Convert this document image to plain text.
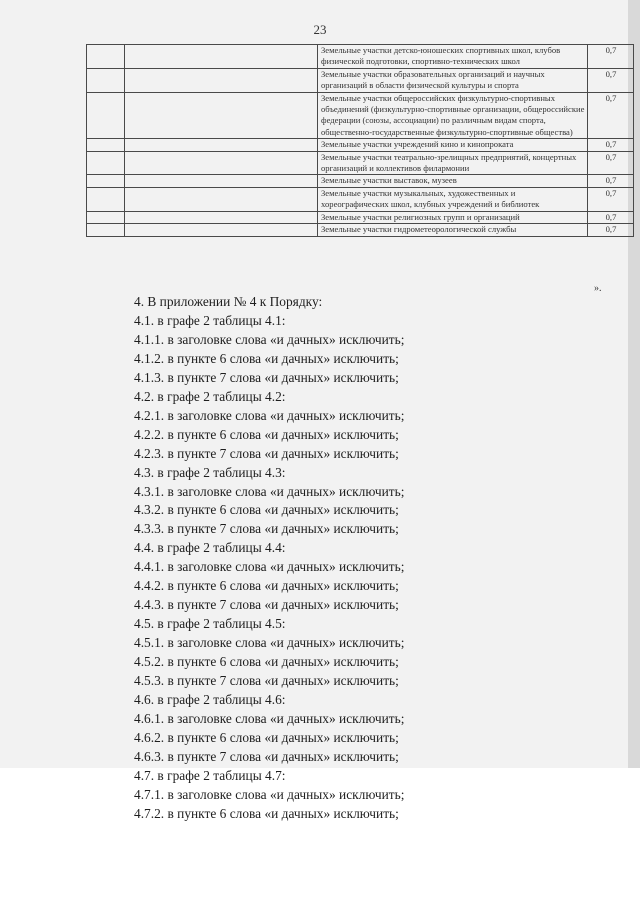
23
		Земельные участки детско-юношеских спортивных школ, клубов физической подготовки, спортивно-технических школ	0,7
		Земельные участки образовательных организаций и научных организаций в области физической культуры и спорта	0,7
		Земельные участки общероссийских физкультурно-спортивных объединений (физкультурно-спортивные организации, общероссийские федерации (союзы, ассоциации) по различным видам спорта, общественно-государственные физкультурно-спортивные общества)	0,7
		Земельные участки учреждений кино и кинопроката	0,7
		Земельные участки театрально-зрелищных предприятий, концертных организаций и коллективов филармонии	0,7
		Земельные участки выставок, музеев	0,7
		Земельные участки музыкальных, художественных и хореографических школ, клубных учреждений и библиотек	0,7
		Земельные участки религиозных групп и организаций	0,7
		Земельные участки гидрометеорологической службы	0,7
».
4. В приложении № 4 к Порядку:
4.1. в графе 2 таблицы 4.1:
4.1.1. в заголовке слова «и дачных» исключить;
4.1.2. в пункте 6 слова «и дачных» исключить;
4.1.3. в пункте 7 слова «и дачных» исключить;
4.2. в графе 2 таблицы 4.2:
4.2.1. в заголовке слова «и дачных» исключить;
4.2.2. в пункте 6 слова «и дачных» исключить;
4.2.3. в пункте 7 слова «и дачных» исключить;
4.3. в графе 2 таблицы 4.3:
4.3.1. в заголовке слова «и дачных» исключить;
4.3.2. в пункте 6 слова «и дачных» исключить;
4.3.3. в пункте 7 слова «и дачных» исключить;
4.4. в графе 2 таблицы 4.4:
4.4.1. в заголовке слова «и дачных» исключить;
4.4.2. в пункте 6 слова «и дачных» исключить;
4.4.3. в пункте 7 слова «и дачных» исключить;
4.5. в графе 2 таблицы 4.5:
4.5.1. в заголовке слова «и дачных» исключить;
4.5.2. в пункте 6 слова «и дачных» исключить;
4.5.3. в пункте 7 слова «и дачных» исключить;
4.6. в графе 2 таблицы 4.6:
4.6.1. в заголовке слова «и дачных» исключить;
4.6.2. в пункте 6 слова «и дачных» исключить;
4.6.3. в пункте 7 слова «и дачных» исключить;
4.7. в графе 2 таблицы 4.7:
4.7.1. в заголовке слова «и дачных» исключить;
4.7.2. в пункте 6 слова «и дачных» исключить;
